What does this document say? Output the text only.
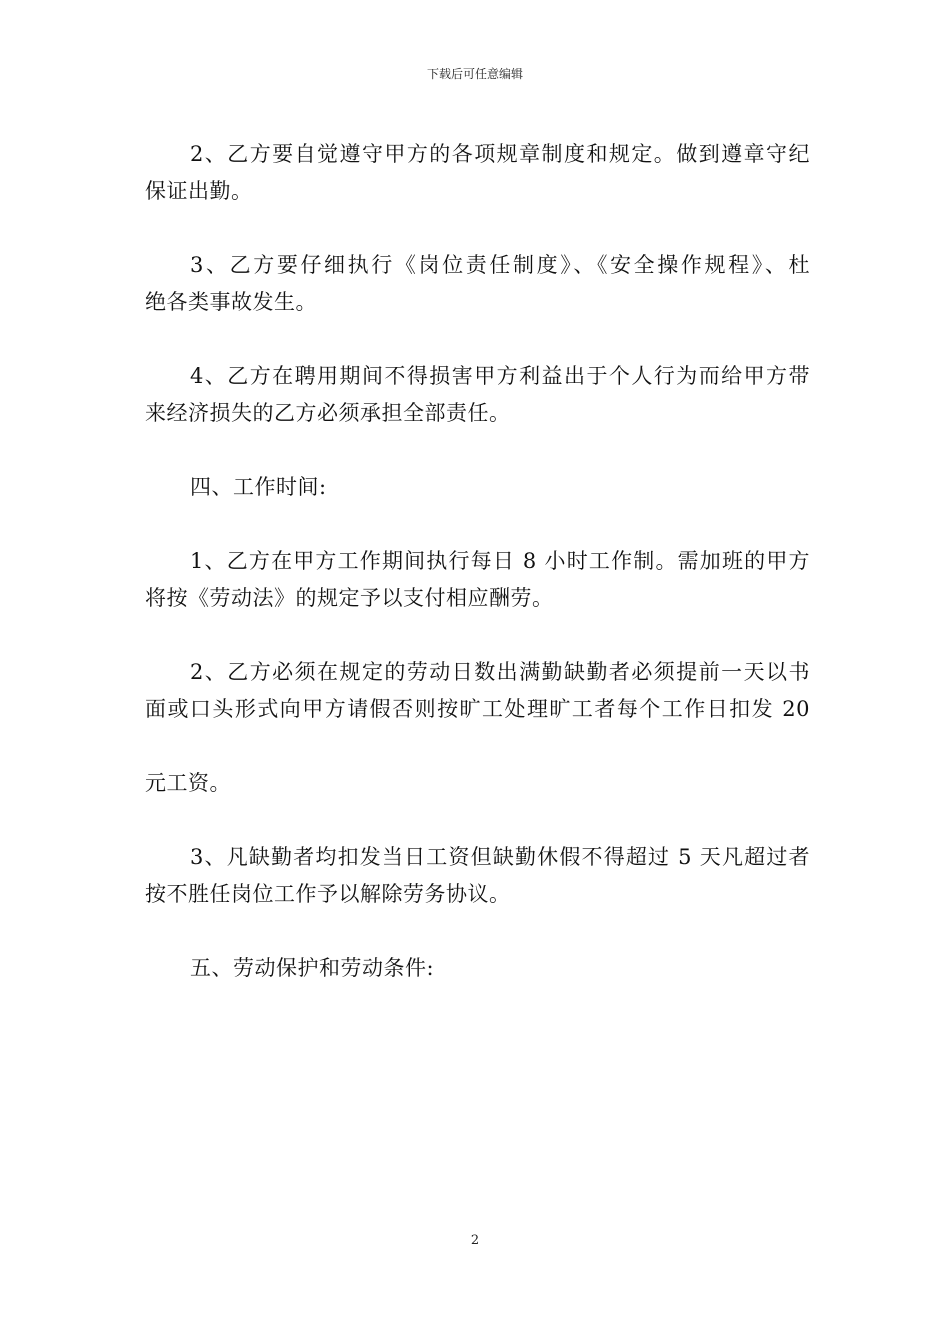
下载后可任意编辑
2、乙方要自觉遵守甲方的各项规章制度和规定。做到遵章守纪
保证出勤。
3、乙方要仔细执行《岗位责任制度》、《安全操作规程》、杜
绝各类事故发生。
4、乙方在聘用期间不得损害甲方利益出于个人行为而给甲方带
来经济损失的乙方必须承担全部责任。
四、工作时间:
1、乙方在甲方工作期间执行每日 8 小时工作制。需加班的甲方
将按《劳动法》的规定予以支付相应酬劳。
2、乙方必须在规定的劳动日数出满勤缺勤者必须提前一天以书
面或口头形式向甲方请假否则按旷工处理旷工者每个工作日扣发 20
元工资。
3、凡缺勤者均扣发当日工资但缺勤休假不得超过 5 天凡超过者
按不胜任岗位工作予以解除劳务协议。
五、劳动保护和劳动条件:
2
